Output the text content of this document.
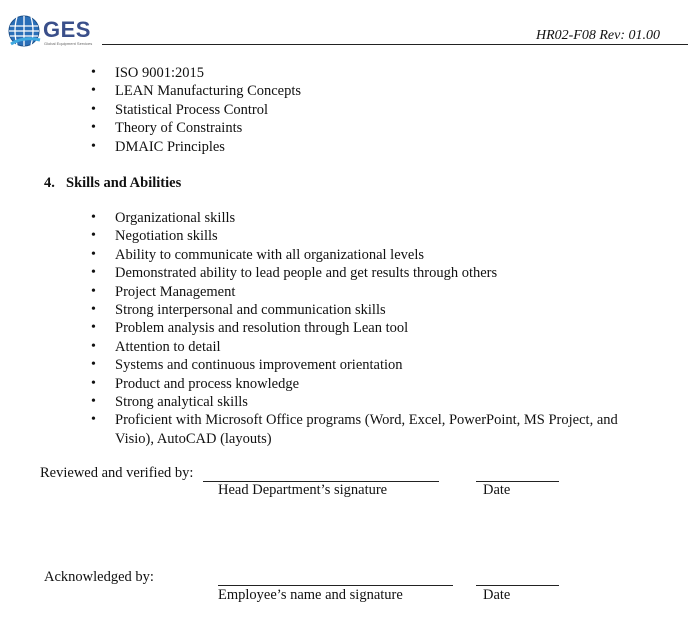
GES
Global Equipment Services
HR02-F08 Rev: 01.00
• ISO 9001:2015
• LEAN Manufacturing Concepts
• Statistical Process Control
• Theory of Constraints
• DMAIC Principles
4. Skills and Abilities
• Organizational skills
• Negotiation skills
• Ability to communicate with all organizational levels
• Demonstrated ability to lead people and get results through others
• Project Management
• Strong interpersonal and communication skills
• Problem analysis and resolution through Lean tool
• Attention to detail
• Systems and continuous improvement orientation
• Product and process knowledge
• Strong analytical skills
• Proficient with Microsoft Office programs (Word, Excel, PowerPoint, MS Project, and Visio), AutoCAD (layouts)
Reviewed and verified by:
Head Department’s signature	Date
Acknowledged by:
Employee’s name and signature	Date
